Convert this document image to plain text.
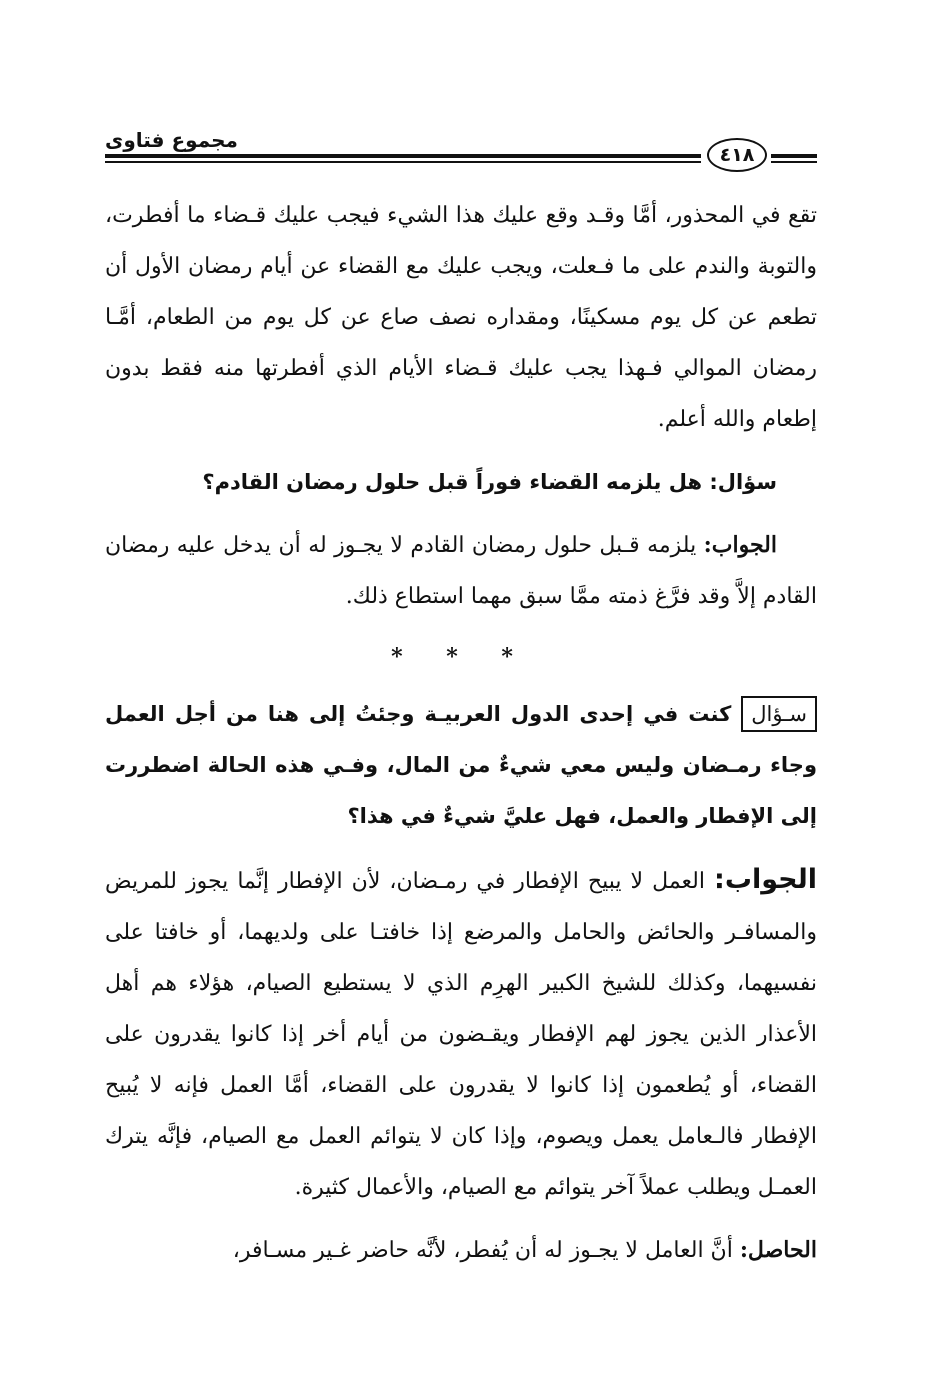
مجموع فتاوى
٤١٨

تقع في المحذور، أمَّا وقـد وقع عليك هذا الشيء فيجب عليك قـضاء ما أفطرت، والتوبة والندم على ما فـعلت، ويجب عليك مع القضاء عن أيام رمضان الأول أن تطعم عن كل يوم مسكينًا، ومقداره نصف صاع عن كل يوم من الطعام، أمَّـا رمضان الموالي فـهذا يجب عليك قـضاء الأيام الذي أفطرتها منه فقط بدون إطعام والله أعلم.

سؤال: هل يلزمه القضاء فوراً قبل حلول رمضان القادم؟

الجواب: يلزمه قـبل حلول رمضان القادم لا يجـوز له أن يدخل عليه رمضان القادم إلاَّ وقد فرَّغ ذمته ممَّا سبق مهما استطاع ذلك.

* * *

سـؤالكنت في إحدى الدول العربيـة وجئتُ إلى هنا من أجل العمل وجاء رمـضان وليس معي شيءٌ من المال، وفـي هذه الحالة اضطررت إلى الإفطار والعمل، فهل عليَّ شيءٌ في هذا؟

الجواب: العمل لا يبيح الإفطار في رمـضان، لأن الإفطار إنَّما يجوز للمريض والمسافـر والحائض والحامل والمرضع إذا خافتـا على ولديهما، أو خافتا على نفسيهما، وكذلك للشيخ الكبير الهرِم الذي لا يستطيع الصيام، هؤلاء هم أهل الأعذار الذين يجوز لهم الإفطار ويقـضون من أيام أخر إذا كانوا يقدرون على القضاء، أو يُطعمون إذا كانوا لا يقدرون على القضاء، أمَّا العمل فإنه لا يُبيح الإفطار فالـعامل يعمل ويصوم، وإذا كان لا يتوائم العمل مع الصيام، فإنَّه يترك العمـل ويطلب عملاً آخر يتوائم مع الصيام، والأعمال كثيرة.

الحاصل: أنَّ العامل لا يجـوز له أن يُفطر، لأنَّه حاضر غـير مسـافر،
